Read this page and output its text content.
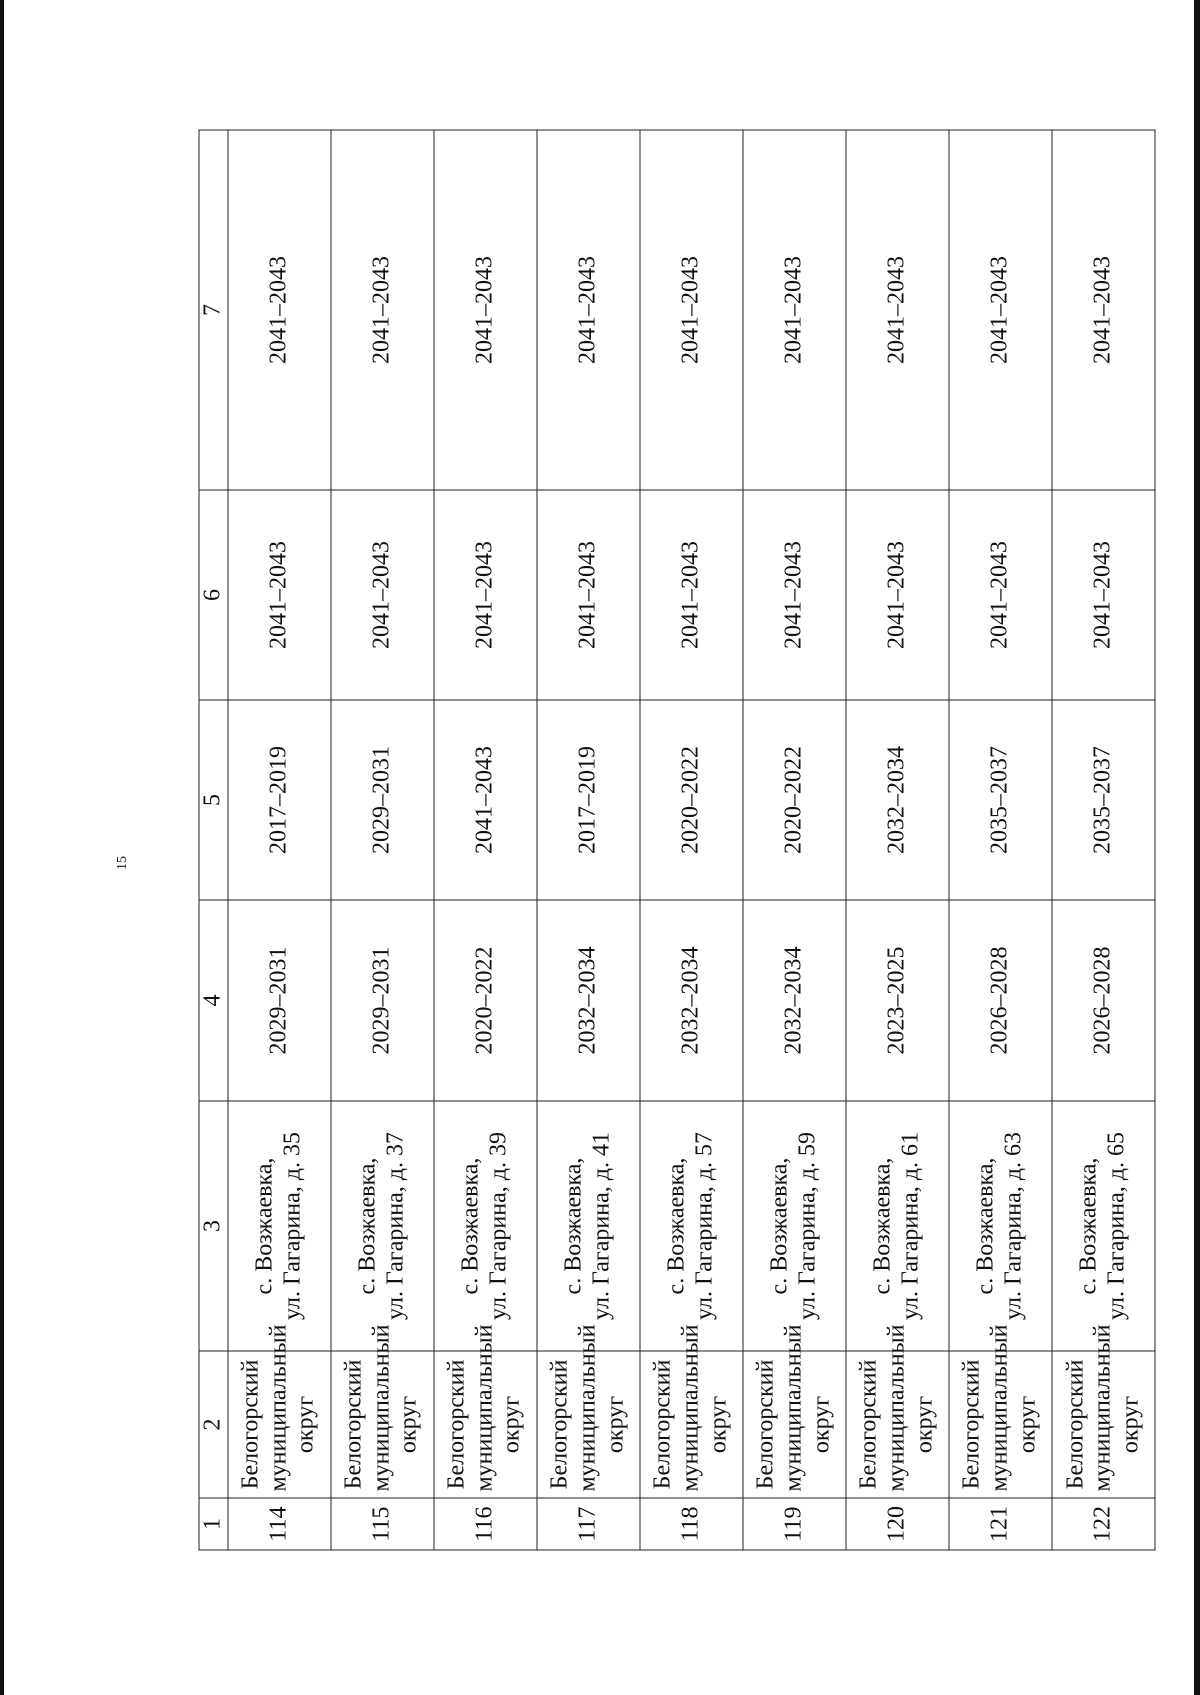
15
1	2	3	4	5	6	7
114	Белогорский муниципальный округ	с. Возжаевка, ул. Гагарина, д. 35	2029–2031	2017–2019	2041–2043	2041–2043
115	Белогорский муниципальный округ	с. Возжаевка, ул. Гагарина, д. 37	2029–2031	2029–2031	2041–2043	2041–2043
116	Белогорский муниципальный округ	с. Возжаевка, ул. Гагарина, д. 39	2020–2022	2041–2043	2041–2043	2041–2043
117	Белогорский муниципальный округ	с. Возжаевка, ул. Гагарина, д. 41	2032–2034	2017–2019	2041–2043	2041–2043
118	Белогорский муниципальный округ	с. Возжаевка, ул. Гагарина, д. 57	2032–2034	2020–2022	2041–2043	2041–2043
119	Белогорский муниципальный округ	с. Возжаевка, ул. Гагарина, д. 59	2032–2034	2020–2022	2041–2043	2041–2043
120	Белогорский муниципальный округ	с. Возжаевка, ул. Гагарина, д. 61	2023–2025	2032–2034	2041–2043	2041–2043
121	Белогорский муниципальный округ	с. Возжаевка, ул. Гагарина, д. 63	2026–2028	2035–2037	2041–2043	2041–2043
122	Белогорский муниципальный округ	с. Возжаевка, ул. Гагарина, д. 65	2026–2028	2035–2037	2041–2043	2041–2043
